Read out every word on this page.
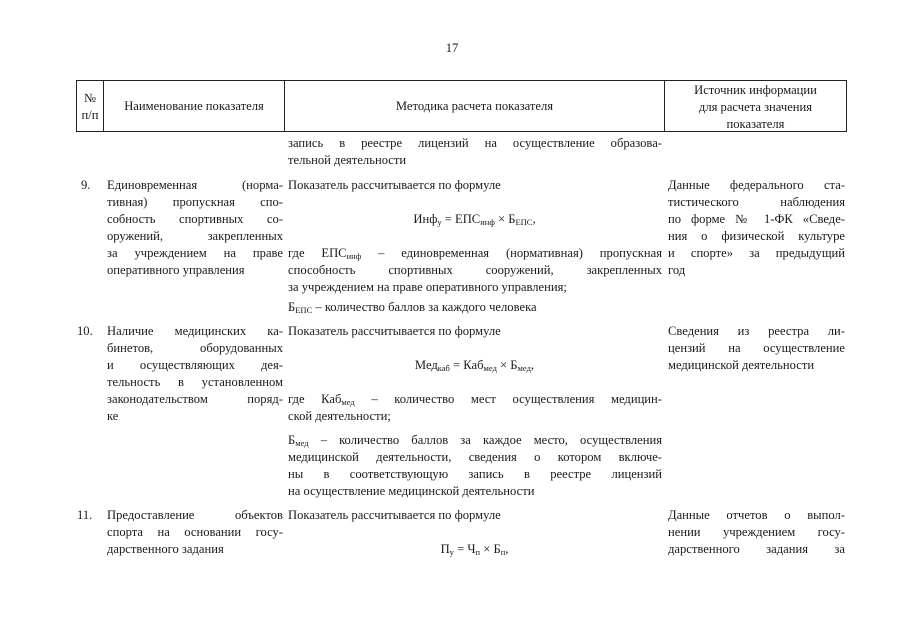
17
№
п/п
Наименование показателя	Методика расчета показателя
Источник информации
для расчета значения
показателя
запись в реестре лицензий на осуществление образова-
тельной деятельности
9. Единовременная (норма-
тивная) пропускная спо-
собность спортивных со-
оружений, закрепленных
за учреждением на праве
оперативного управления
Показатель рассчитывается по формуле
$Инф_у = ЕПС_{инф} \times Б_{ЕПС}$,
где $ЕПС_{инф}$ – единовременная (нормативная) пропускная
способность спортивных сооружений, закрепленных
за учреждением на праве оперативного управления;
$Б_{ЕПС}$ – количество баллов за каждого человека
Данные федерального ста-
тистического наблюдения
по форме № 1-ФК «Сведе-
ния о физической культуре
и спорте» за предыдущий
год
10. Наличие медицинских ка-
бинетов, оборудованных
и осуществляющих дея-
тельность в установленном
законодательством поряд-
ке
Показатель рассчитывается по формуле
$Мед_{каб} = Каб_{мед} \times Б_{мед}$,
где Каб$_{мед}$ – количество мест осуществления медицин-
ской деятельности;
$Б_{мед}$ – количество баллов за каждое место, осуществления
медицинской деятельности, сведения о котором включе-
ны в соответствующую запись в реестре лицензий
на осуществление медицинской деятельности
Сведения из реестра ли-
цензий на осуществление
медицинской деятельности
11. Предоставление объектов
спорта на основании госу-
дарственного задания
Показатель рассчитывается по формуле
$П_у = Ч_п \times Б_п$,
Данные отчетов о выпол-
нении учреждением госу-
дарственного задания за
